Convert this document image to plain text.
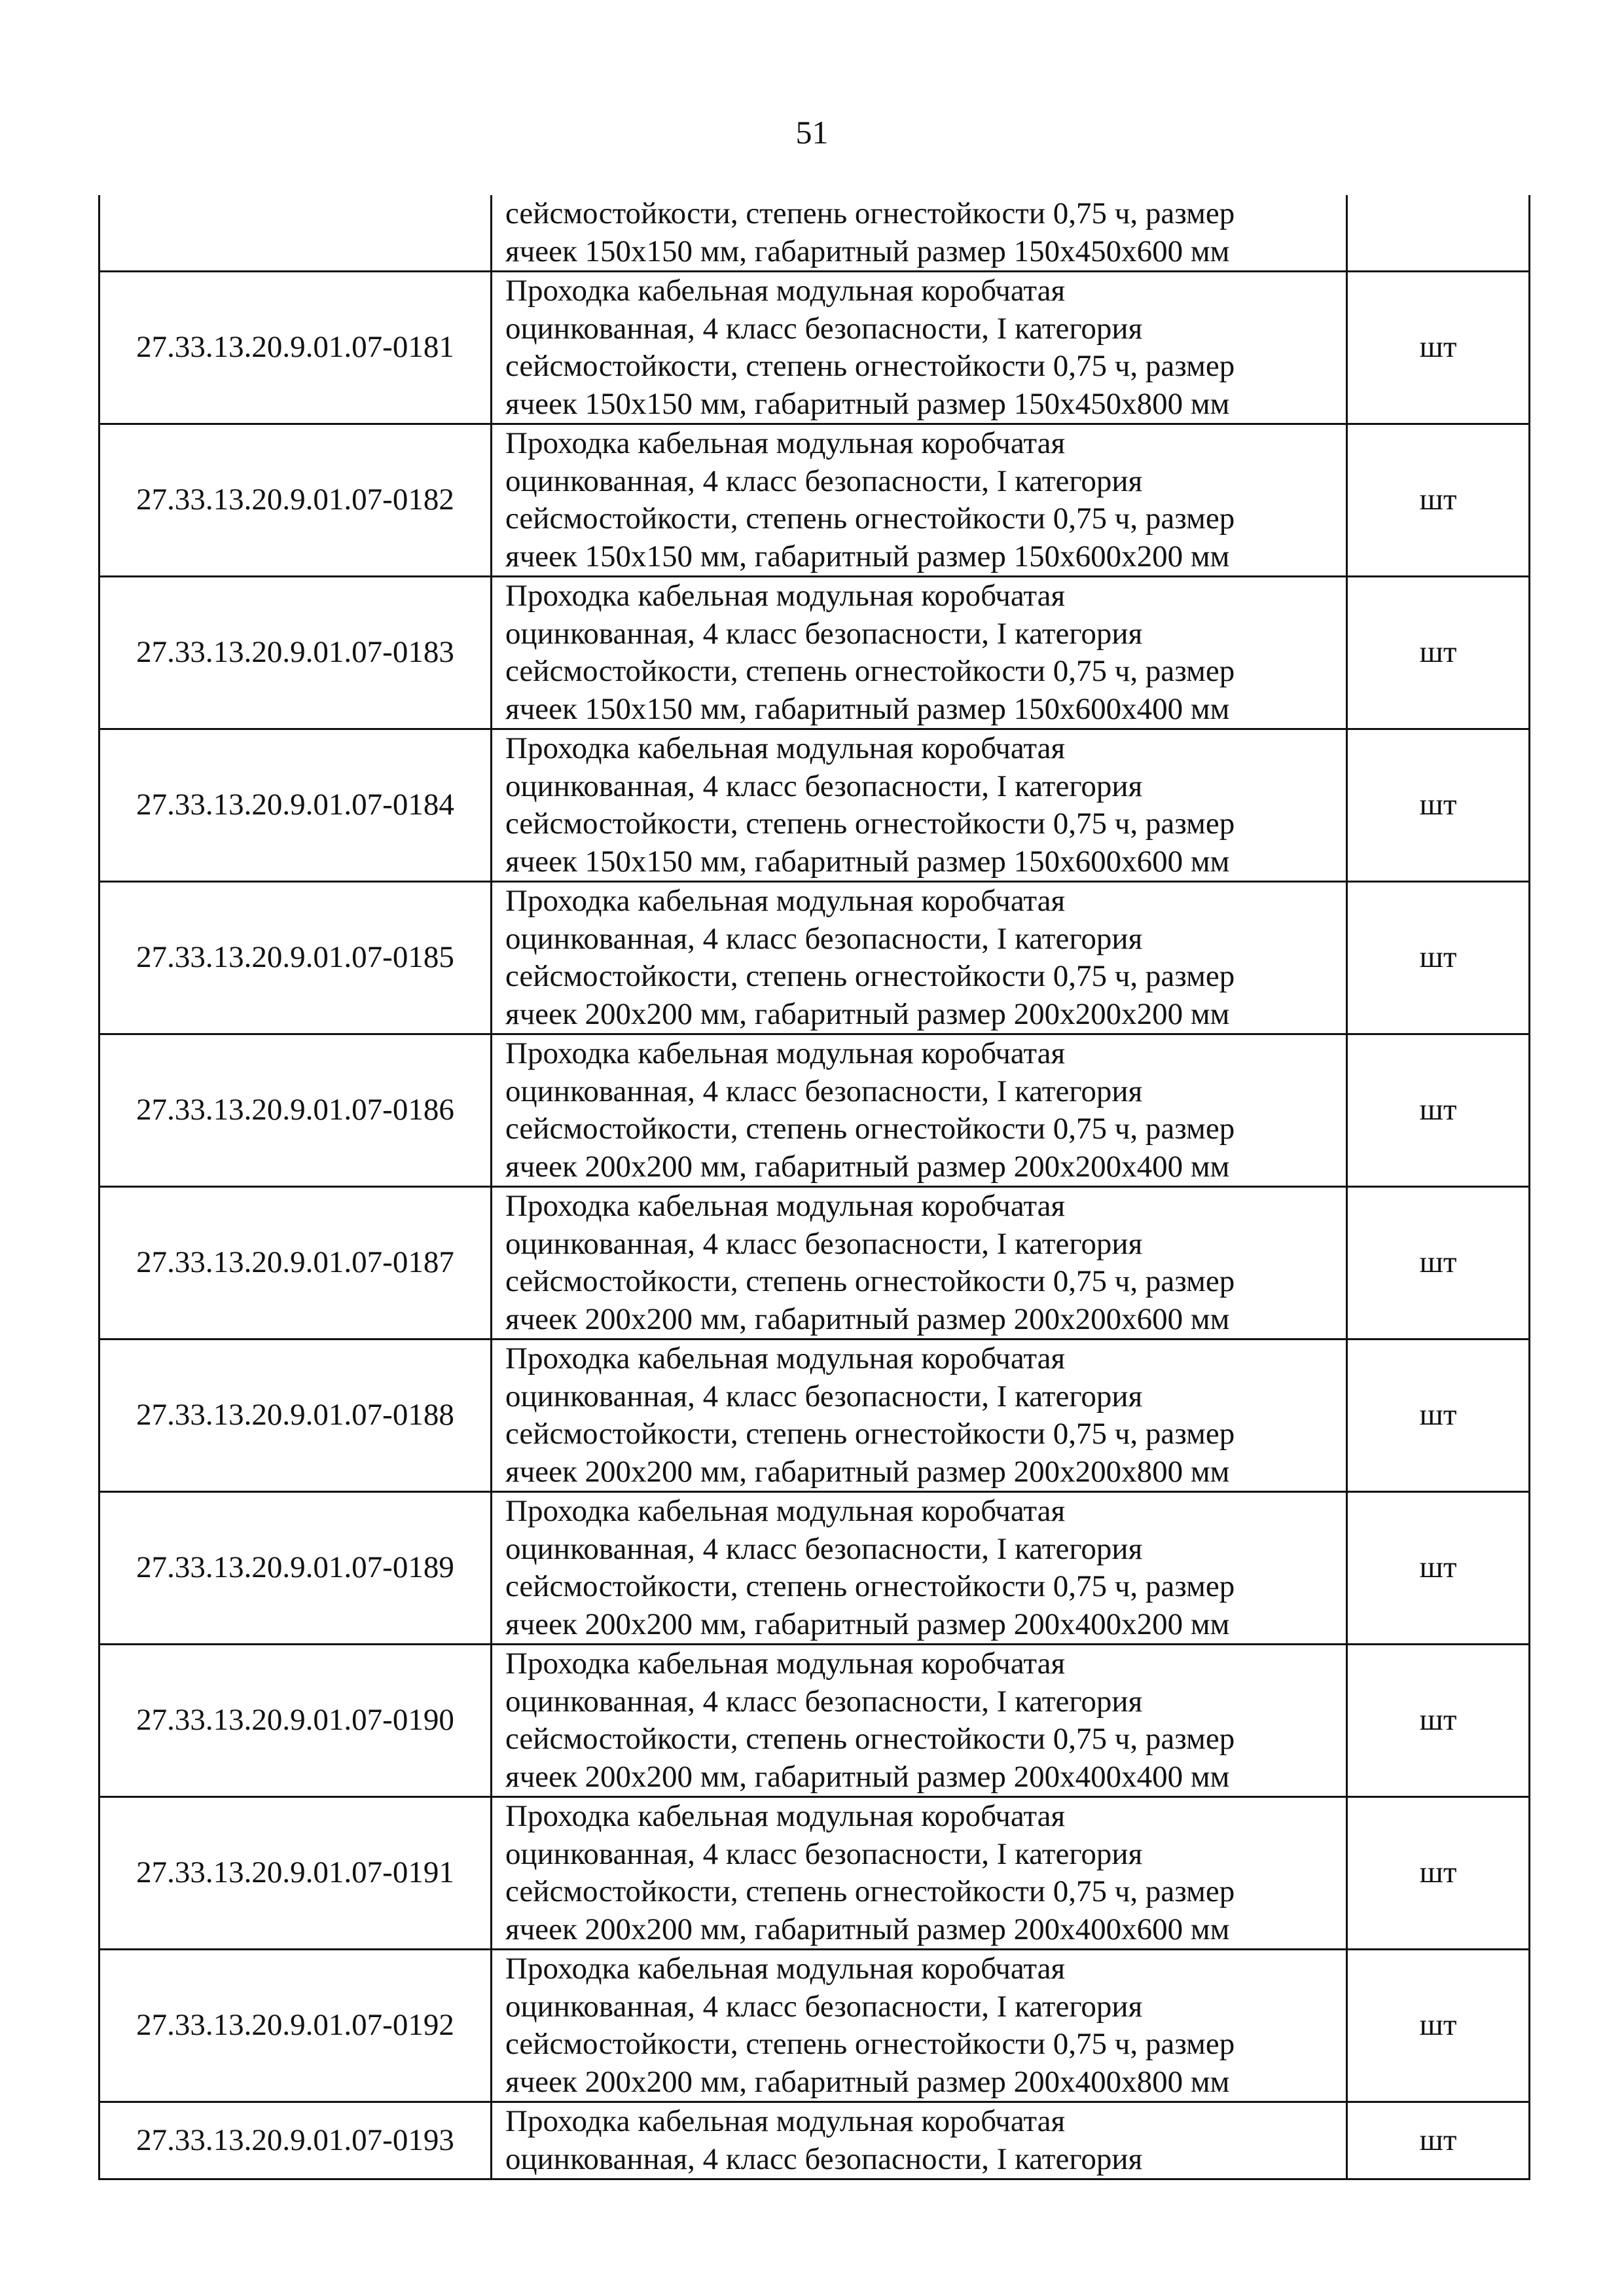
51

	сейсмостойкости, степень огнестойкости 0,75 ч, размер
ячеек 150х150 мм, габаритный размер 150х450х600 мм	

27.33.13.20.9.01.07-0181	Проходка кабельная модульная коробчатая
оцинкованная, 4 класс безопасности, I категория
сейсмостойкости, степень огнестойкости 0,75 ч, размер
ячеек 150х150 мм, габаритный размер 150х450х800 мм	шт
27.33.13.20.9.01.07-0182	Проходка кабельная модульная коробчатая
оцинкованная, 4 класс безопасности, I категория
сейсмостойкости, степень огнестойкости 0,75 ч, размер
ячеек 150х150 мм, габаритный размер 150х600х200 мм	шт
27.33.13.20.9.01.07-0183	Проходка кабельная модульная коробчатая
оцинкованная, 4 класс безопасности, I категория
сейсмостойкости, степень огнестойкости 0,75 ч, размер
ячеек 150х150 мм, габаритный размер 150х600х400 мм	шт
27.33.13.20.9.01.07-0184	Проходка кабельная модульная коробчатая
оцинкованная, 4 класс безопасности, I категория
сейсмостойкости, степень огнестойкости 0,75 ч, размер
ячеек 150х150 мм, габаритный размер 150х600х600 мм	шт
27.33.13.20.9.01.07-0185	Проходка кабельная модульная коробчатая
оцинкованная, 4 класс безопасности, I категория
сейсмостойкости, степень огнестойкости 0,75 ч, размер
ячеек 200х200 мм, габаритный размер 200х200х200 мм	шт
27.33.13.20.9.01.07-0186	Проходка кабельная модульная коробчатая
оцинкованная, 4 класс безопасности, I категория
сейсмостойкости, степень огнестойкости 0,75 ч, размер
ячеек 200х200 мм, габаритный размер 200х200х400 мм	шт
27.33.13.20.9.01.07-0187	Проходка кабельная модульная коробчатая
оцинкованная, 4 класс безопасности, I категория
сейсмостойкости, степень огнестойкости 0,75 ч, размер
ячеек 200х200 мм, габаритный размер 200х200х600 мм	шт
27.33.13.20.9.01.07-0188	Проходка кабельная модульная коробчатая
оцинкованная, 4 класс безопасности, I категория
сейсмостойкости, степень огнестойкости 0,75 ч, размер
ячеек 200х200 мм, габаритный размер 200х200х800 мм	шт
27.33.13.20.9.01.07-0189	Проходка кабельная модульная коробчатая
оцинкованная, 4 класс безопасности, I категория
сейсмостойкости, степень огнестойкости 0,75 ч, размер
ячеек 200х200 мм, габаритный размер 200х400х200 мм	шт
27.33.13.20.9.01.07-0190	Проходка кабельная модульная коробчатая
оцинкованная, 4 класс безопасности, I категория
сейсмостойкости, степень огнестойкости 0,75 ч, размер
ячеек 200х200 мм, габаритный размер 200х400х400 мм	шт
27.33.13.20.9.01.07-0191	Проходка кабельная модульная коробчатая
оцинкованная, 4 класс безопасности, I категория
сейсмостойкости, степень огнестойкости 0,75 ч, размер
ячеек 200х200 мм, габаритный размер 200х400х600 мм	шт
27.33.13.20.9.01.07-0192	Проходка кабельная модульная коробчатая
оцинкованная, 4 класс безопасности, I категория
сейсмостойкости, степень огнестойкости 0,75 ч, размер
ячеек 200х200 мм, габаритный размер 200х400х800 мм	шт
27.33.13.20.9.01.07-0193	Проходка кабельная модульная коробчатая
оцинкованная, 4 класс безопасности, I категория	шт
